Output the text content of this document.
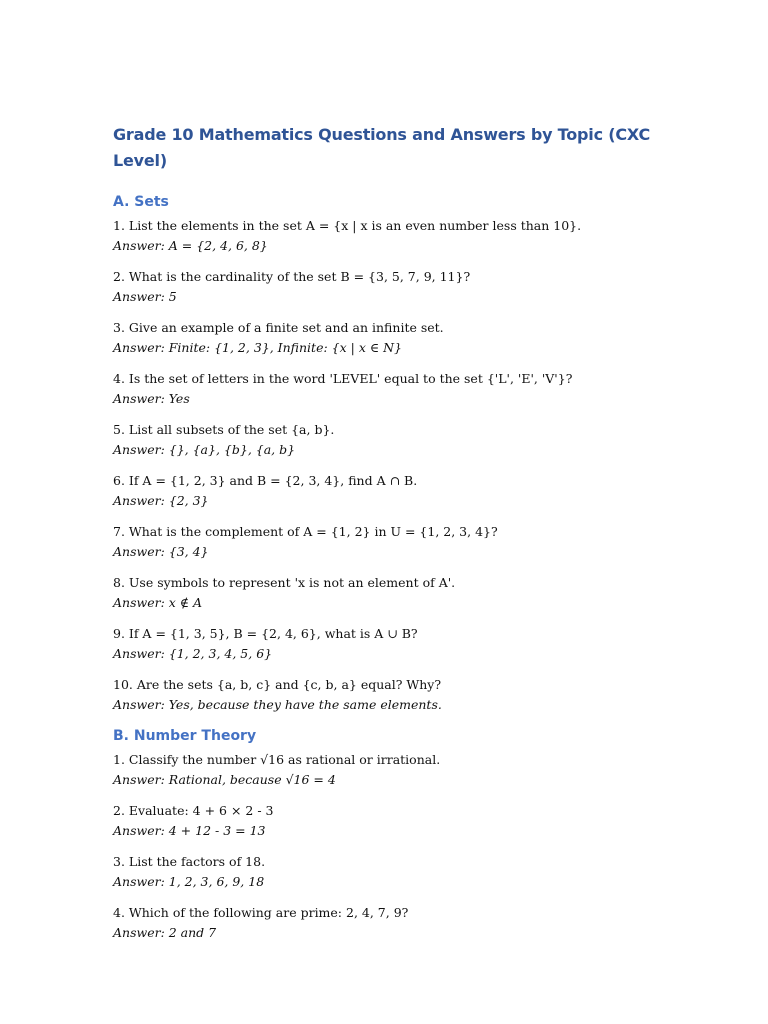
Grade 10 Mathematics Questions and Answers by Topic (CXC Level)
A. Sets
1. List the elements in the set A = {x | x is an even number less than 10}.
Answer: A = {2, 4, 6, 8}
2. What is the cardinality of the set B = {3, 5, 7, 9, 11}?
Answer: 5
3. Give an example of a finite set and an infinite set.
Answer: Finite: {1, 2, 3}, Infinite: {x | x ∈ N}
4. Is the set of letters in the word 'LEVEL' equal to the set {'L', 'E', 'V'}?
Answer: Yes
5. List all subsets of the set {a, b}.
Answer: {}, {a}, {b}, {a, b}
6. If A = {1, 2, 3} and B = {2, 3, 4}, find A ∩ B.
Answer: {2, 3}
7. What is the complement of A = {1, 2} in U = {1, 2, 3, 4}?
Answer: {3, 4}
8. Use symbols to represent 'x is not an element of A'.
Answer: x ∉ A
9. If A = {1, 3, 5}, B = {2, 4, 6}, what is A ∪ B?
Answer: {1, 2, 3, 4, 5, 6}
10. Are the sets {a, b, c} and {c, b, a} equal? Why?
Answer: Yes, because they have the same elements.
B. Number Theory
1. Classify the number √16 as rational or irrational.
Answer: Rational, because √16 = 4
2. Evaluate: 4 + 6 × 2 - 3
Answer: 4 + 12 - 3 = 13
3. List the factors of 18.
Answer: 1, 2, 3, 6, 9, 18
4. Which of the following are prime: 2, 4, 7, 9?
Answer: 2 and 7
